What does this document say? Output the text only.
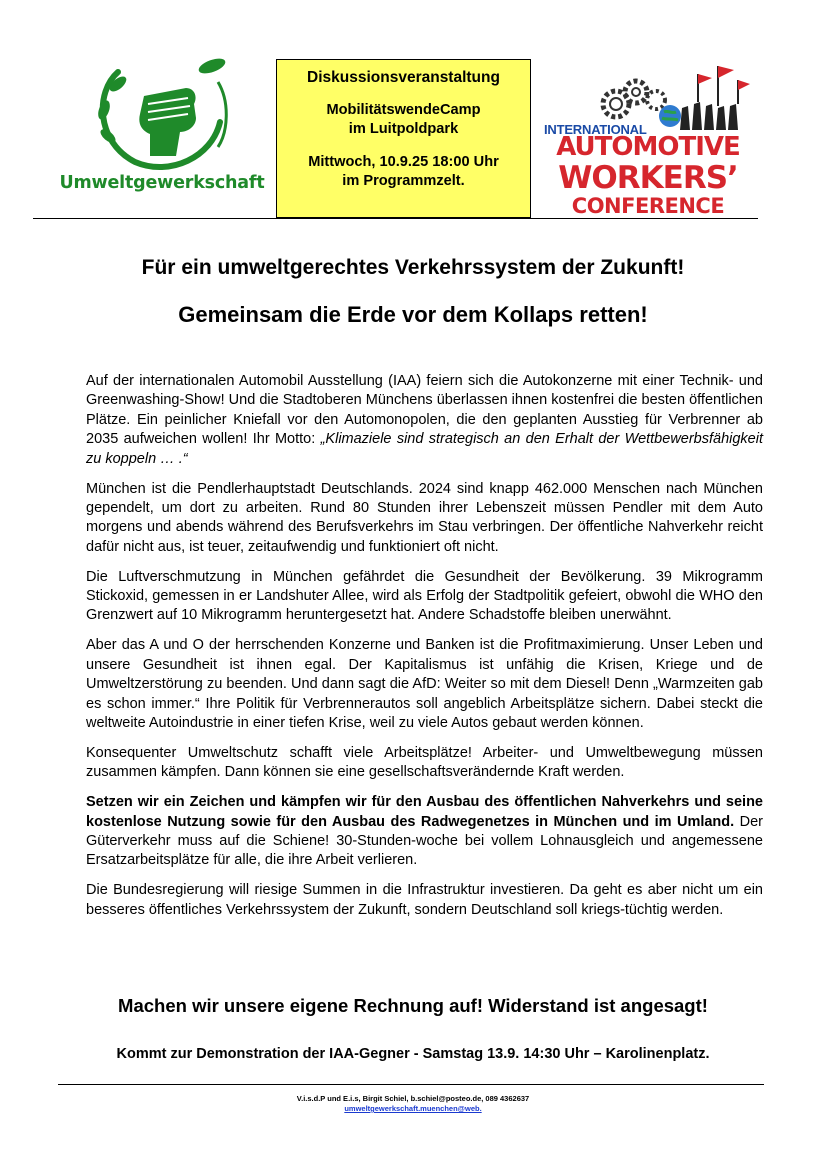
Umweltgewerkschaft
Diskussionsveranstaltung
MobilitätswendeCamp
im Luitpoldpark
Mittwoch, 10.9.25 18:00 Uhr
im Programmzelt.
INTERNATIONAL
AUTOMOTIVE
WORKERS’
CONFERENCE
Für ein umweltgerechtes Verkehrssystem der Zukunft!
Gemeinsam die Erde vor dem Kollaps retten!

Auf der internationalen Automobil Ausstellung (IAA) feiern sich die Autokonzerne mit einer Technik- und Greenwashing-Show! Und die Stadtoberen Münchens überlassen ihnen kostenfrei die besten öffentlichen Plätze. Ein peinlicher Kniefall vor den Automonopolen, die den geplanten Ausstieg für Verbrenner ab 2035 aufweichen wollen! Ihr Motto: „Klimaziele sind strategisch an den Erhalt der Wettbewerbsfähigkeit zu koppeln … .“

München ist die Pendlerhauptstadt Deutschlands. 2024 sind knapp 462.000 Menschen nach München gependelt, um dort zu arbeiten. Rund 80 Stunden ihrer Lebenszeit müssen Pendler mit dem Auto morgens und abends während des Berufsverkehrs im Stau verbringen. Der öffentliche Nahverkehr reicht dafür nicht aus, ist teuer, zeitaufwendig und funktioniert oft nicht.

Die Luftverschmutzung in München gefährdet die Gesundheit der Bevölkerung. 39 Mikrogramm Stickoxid, gemessen in er Landshuter Allee, wird als Erfolg der Stadtpolitik gefeiert, obwohl die WHO den Grenzwert auf 10 Mikrogramm heruntergesetzt hat. Andere Schadstoffe bleiben unerwähnt.

Aber das A und O der herrschenden Konzerne und Banken ist die Profitmaximierung. Unser Leben und unsere Gesundheit ist ihnen egal. Der Kapitalismus ist unfähig die Krisen, Kriege und de Umweltzerstörung zu beenden. Und dann sagt die AfD: Weiter so mit dem Diesel! Denn „Warmzeiten gab es schon immer.“ Ihre Politik für Verbrennerautos soll angeblich Arbeitsplätze sichern. Dabei steckt die weltweite Autoindustrie in einer tiefen Krise, weil zu viele Autos gebaut werden können.

Konsequenter Umweltschutz schafft viele Arbeitsplätze! Arbeiter- und Umweltbewegung müssen zusammen kämpfen. Dann können sie eine gesellschaftsverändernde Kraft werden.

Setzen wir ein Zeichen und kämpfen wir für den Ausbau des öffentlichen Nahverkehrs und seine kostenlose Nutzung sowie für den Ausbau des Radwegenetzes in München und im Umland. Der Güterverkehr muss auf die Schiene! 30-Stunden-woche bei vollem Lohnausgleich und angemessene Ersatzarbeitsplätze für alle, die ihre Arbeit verlieren.

Die Bundesregierung will riesige Summen in die Infrastruktur investieren. Da geht es aber nicht um ein besseres öffentliches Verkehrssystem der Zukunft, sondern Deutschland soll kriegs-tüchtig werden.

Machen wir unsere eigene Rechnung auf! Widerstand ist angesagt!
Kommt zur Demonstration der IAA-Gegner - Samstag 13.9. 14:30 Uhr – Karolinenplatz.
V.i.s.d.P und E.i.s, Birgit Schiel, b.schiel@posteo.de, 089 4362637
umweltgewerkschaft.muenchen@web.
